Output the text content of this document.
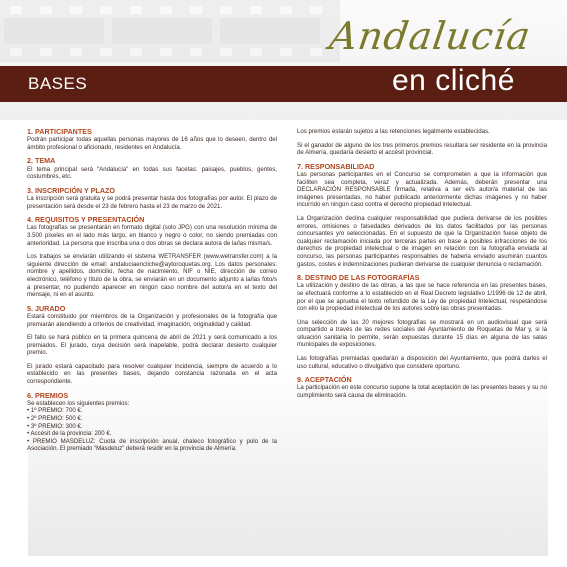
BASES
Andalucía
en cliché
1. PARTICIPANTES

Podrán participar todas aquellas personas mayores de 16 años que lo deseen, dentro del ámbito profesional o aficionado, residentes en Andalucía.

2. TEMA

El tema principal será “Andalucía” en todas sus facetas: paisajes, pueblos, gentes, costumbres, etc.

3. INSCRIPCIÓN Y PLAZO

La inscripción será gratuita y se podrá presentar hasta dos fotografías por autor. El plazo de presentación será desde el 23 de febrero hasta el 23 de marzo de 2021.

4. REQUISITOS Y PRESENTACIÓN

Las fotografías se presentarán en formato digital (solo JPG) con una resolución mínima de 3.500 píxeles en el lado más largo, en blanco y negro o color, no siendo premiadas con anterioridad. La persona que inscriba una o dos obras se declara autora de la/las misma/s.

Los trabajos se enviarán utilizando el sistema WETRANSFER (www.wetransfer.com) a la siguiente dirección de email: andaluciaencliche@aytoroquetas.org. Los datos personales: nombre y apellidos, domicilio, fecha de nacimiento, NIF o NIE, dirección de correo electrónico, teléfono y título de la obra, se enviarán en un documento adjunto a la/las foto/s a presentar, no pudiendo aparecer en ningún caso nombre del autor/a en el texto del mensaje, ni en el asunto.

5. JURADO

Estará constituido por miembros de la Organización y profesionales de la fotografía que premiarán atendiendo a criterios de creatividad, imaginación, originalidad y calidad.

El fallo se hará público en la primera quincena de abril de 2021 y será comunicado a los premiados. El jurado, cuya decisión será inapelable, podrá declarar desierto cualquier premio.

El jurado estará capacitado para resolver cualquier incidencia, siempre de acuerdo a lo establecido en las presentes bases, dejando constancia razonada en el acta correspondiente.

6. PREMIOS
Se establecen los siguientes premios:
• 1º PREMIO: 700 €.
• 2º PREMIO: 500 €.
• 3º PREMIO: 300 €.
• Accésit de la provincia: 200 €.
• PREMIO MASDELUZ: Cuota de inscripción anual, chaleco fotográfico y polo de la Asociación. El premiado “Masdeluz” deberá residir en la provincia de Almería.

Los premios estarán sujetos a las retenciones legalmente establecidas.

Si el ganador de alguno de los tres primeros premios resultara ser residente en la provincia de Almería, quedaría desierto el accésit provincial.

7. RESPONSABILIDAD

Las personas participantes en el Concurso se comprometen a que la información que faciliten sea completa, veraz y actualizada. Además, deberán presentar una DECLARACIÓN RESPONSABLE firmada, relativa a ser el/s autor/a material de las imágenes presentadas, no haber publicado anteriormente dichas imágenes y no haber incurrido en ningún caso contra el derecho propiedad intelectual.

La Organización declina cualquier responsabilidad que pudiera derivarse de los posibles errores, omisiones o falsedades derivados de los datos facilitados por las personas concursantes y/o seleccionadas. En el supuesto de que la Organización fuese objeto de cualquier reclamación iniciada por terceras partes en base a posibles infracciones de los derechos de propiedad intelectual o de imagen en relación con la fotografía enviada al concurso, las personas participantes responsables de haberla enviado asumirán cuantos gastos, costes e indemnizaciones pudieran derivarse de cualquier denuncia o reclamación.

8. DESTINO DE LAS FOTOGRAFÍAS

La utilización y destino de las obras, a las que se hace referencia en las presentes bases, se efectuará conforme a lo establecido en el Real Decreto legislativo 1/1996 de 12 de abril, por el que se aprueba el texto refundido de la Ley de propiedad Intelectual, respetándose con ello la propiedad intelectual de los autores sobre las obras presentadas.

Una selección de las 20 mejores fotografías se mostrará en un audiovisual que será compartido a través de las redes sociales del Ayuntamiento de Roquetas de Mar y, si la situación sanitaria lo permite, serán expuestas durante 15 días en alguna de las salas municipales de exposiciones.

Las fotografías premiadas quedarán a disposición del Ayuntamiento, que podrá darles el uso cultural, educativo o divulgativo que considere oportuno.

9. ACEPTACIÓN

La participación en este concurso supone la total aceptación de las presentes bases y su no cumplimiento será causa de eliminación.
